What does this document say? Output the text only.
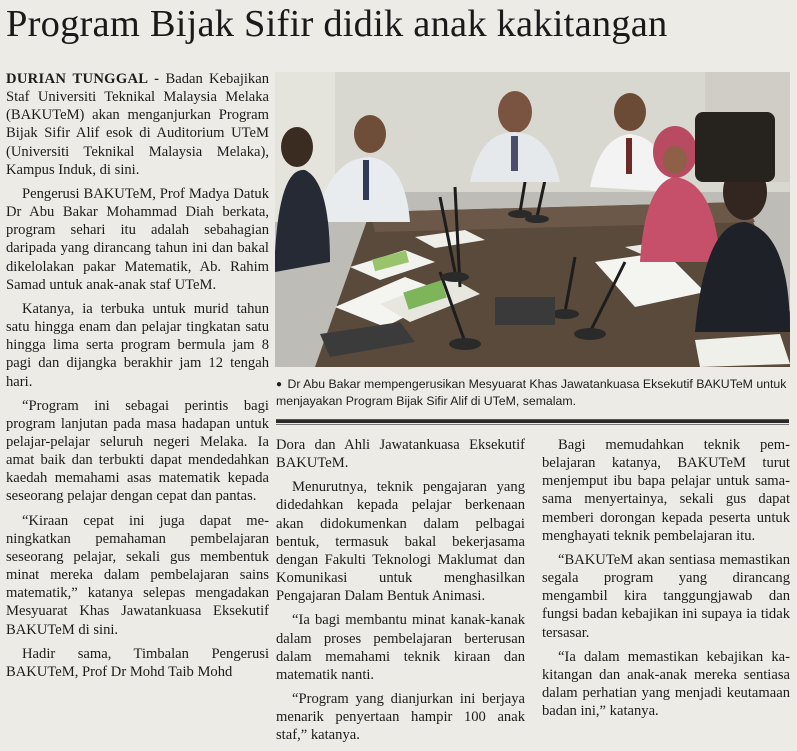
Program Bijak Sifir didik anak kakitangan

DURIAN TUNGGAL - Badan Kebajikan Staf Universiti Teknikal Malaysia Melaka (BAKUTeM) akan menganjurkan Program Bijak Sifir Alif esok di Auditorium UTeM (Universiti Teknikal Malaysia Melaka), Kampus Induk, di sini.

Pengerusi BAKUTeM, Prof Madya Datuk Dr Abu Bakar Mohammad Diah berkata, program sehari itu adalah sebahagian daripada yang dirancang tahun ini dan bakal dikelolakan pakar Matematik, Ab. Rahim Samad untuk anak-anak staf UTeM.

Katanya, ia terbuka untuk murid tahun satu hingga enam dan pelajar tingkatan satu hingga lima serta program bermula jam 8 pagi dan dijangka berakhir jam 12 tengah hari.

“Program ini sebagai perintis bagi program lanjutan pada masa hadapan untuk pelajar-pelajar seluruh negeri Melaka. Ia amat baik dan terbukti dapat mendedahkan kaedah memahami asas matematik kepada seseorang pelajar dengan cepat dan pantas.

“Kiraan cepat ini juga dapat meningkatkan pemahaman pembelajaran seseorang pelajar, sekali gus membentuk minat mereka dalam pembelajaran sains matematik,” katanya selepas mengadakan Mesyuarat Khas Jawatankuasa Eksekutif BAKUTeM di sini.

Hadir sama, Timbalan Pengerusi BAKUTeM, Prof Dr Mohd Taib Mohd

● Dr Abu Bakar mempengerusikan Mesyuarat Khas Jawatankuasa Eksekutif BAKUTeM untuk menjayakan Program Bijak Sifir Alif di UTeM, semalam.

Dora dan Ahli Jawatankuasa Eksekutif BAKUTeM.

Menurutnya, teknik pengajaran yang didedahkan kepada pelajar berkenaan akan didokumenkan dalam pelbagai bentuk, termasuk bakal bekerjasama dengan Fakulti Teknologi Maklumat dan Komunikasi untuk menghasilkan Pengajaran Dalam Bentuk Animasi.

“Ia bagi membantu minat kanak-kanak dalam proses pembelajaran berterusan dalam memahami teknik kiraan dan matematik nanti.

“Program yang dianjurkan ini berjaya menarik penyertaan hampir 100 anak staf,” katanya.

Bagi memudahkan teknik pembelajaran katanya, BAKUTeM turut menjemput ibu bapa pelajar untuk sama-sama menyertainya, sekali gus dapat memberi dorongan kepada peserta untuk menghayati teknik pembelajaran itu.

“BAKUTeM akan sentiasa memastikan segala program yang dirancang mengambil kira tanggungjawab dan fungsi badan kebajikan ini supaya ia tidak tersasar.

“Ia dalam memastikan kebajikan kakitangan dan anak-anak mereka sentiasa dalam perhatian yang menjadi keutamaan badan ini,” katanya.
